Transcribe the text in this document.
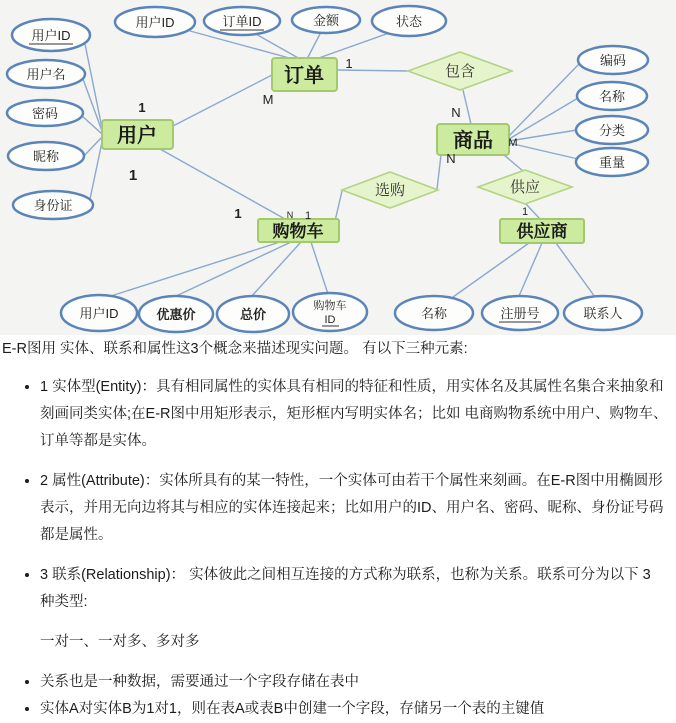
用户ID
用户名
密码
昵称
身份证
用户ID	订单ID	金额	状态
编码
名称
分类
重量
用户ID	优惠价	总价
购物车
ID	名称	注册号	联系人
包含
选购	供应
用户
订单
商品
购物车	供应商
1
M
1
N
1
1	N 1
N
M
1

E-R图用 实体、联系和属性这3个概念来描述现实问题。 有以下三种元素:

• 1 实体型(Entity)：具有相同属性的实体具有相同的特征和性质，用实体名及其属性名集合来抽象和刻画同类实体;在E-R图中用矩形表示，矩形框内写明实体名；比如 电商购物系统中用户、购物车、订单等都是实体。
• 2 属性(Attribute)：实体所具有的某一特性，一个实体可由若干个属性来刻画。在E-R图中用椭圆形表示，并用无向边将其与相应的实体连接起来；比如用户的ID、用户名、密码、昵称、身份证号码 都是属性。
• 3 联系(Relationship)： 实体彼此之间相互连接的方式称为联系，也称为关系。联系可分为以下 3 种类型:
一对一、一对多、多对多
• 关系也是一种数据，需要通过一个字段存储在表中
• 实体A对实体B为1对1，则在表A或表B中创建一个字段，存储另一个表的主键值
